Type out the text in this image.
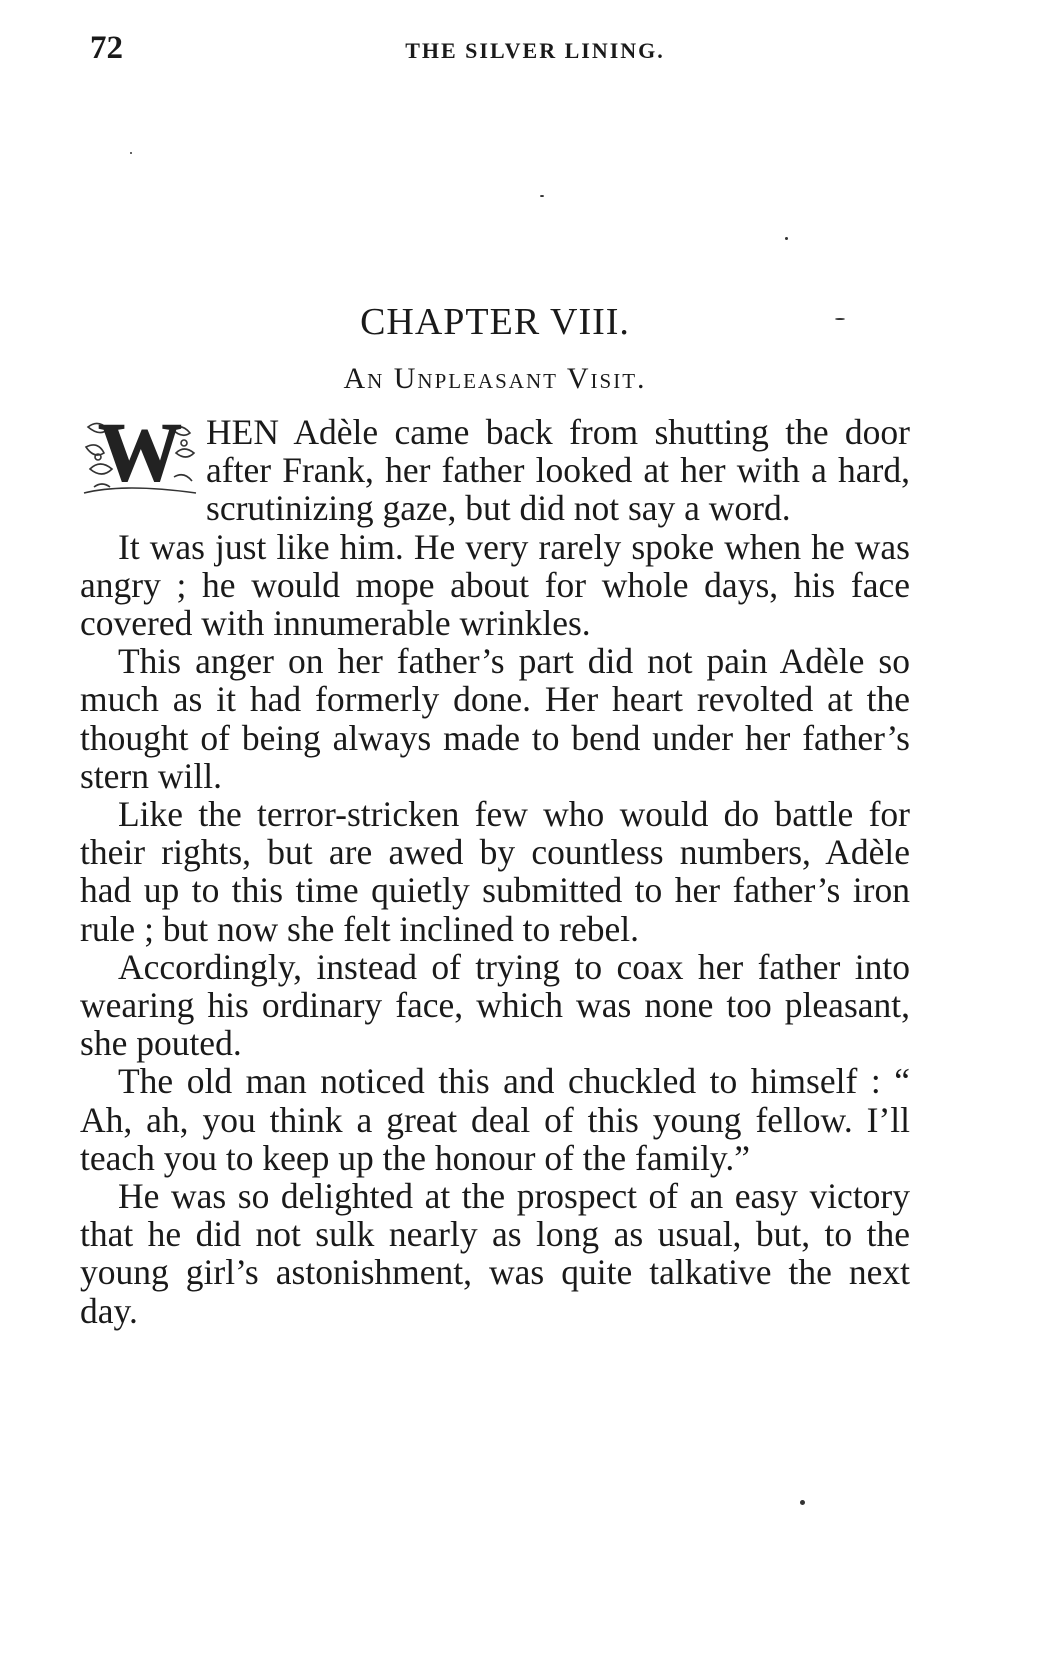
72	THE SILVER LINING.
CHAPTER VIII.
An Unpleasant Visit.

W HEN Adèle came back from shutting the door after Frank, her father looked at her with a hard, scrutinizing gaze, but did not say a word.

It was just like him. He very rarely spoke when he was angry ; he would mope about for whole days, his face covered with innumerable wrinkles.

This anger on her father’s part did not pain Adèle so much as it had formerly done. Her heart revolted at the thought of being always made to bend under her father’s stern will.

Like the terror-stricken few who would do battle for their rights, but are awed by countless numbers, Adèle had up to this time quietly submitted to her father’s iron rule ; but now she felt inclined to rebel.

Accordingly, instead of trying to coax her father into wearing his ordinary face, which was none too pleasant, she pouted.

The old man noticed this and chuckled to himself : “ Ah, ah, you think a great deal of this young fellow. I’ll teach you to keep up the honour of the family.”

He was so delighted at the prospect of an easy victory that he did not sulk nearly as long as usual, but, to the young girl’s astonishment, was quite talkative the next day.
